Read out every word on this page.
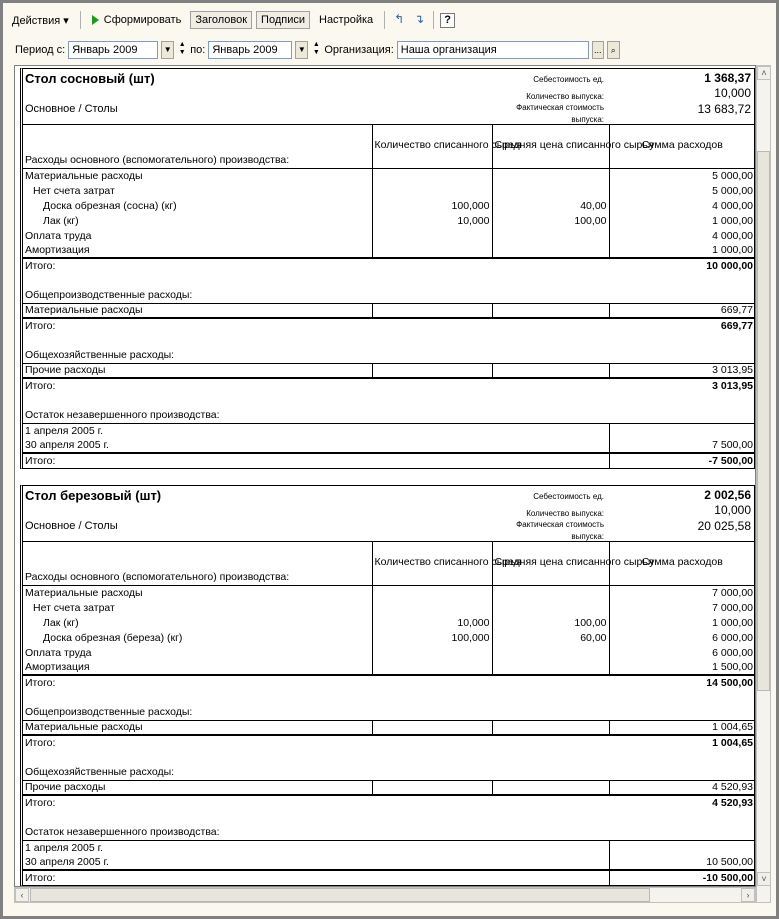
Действия ▾	Сформировать	Заголовок	Подписи	Настройка	↰ ↴	?
Период с: Январь 2009	▼
▲
▼ по: Январь 2009	▼
▲
▼ Организация: Наша организация	...	⌕
Стол сосновый (шт)
Основное / Столы
Себестоимость ед.	1 368,37
Количество выпуска:	10,000
Фактическая стоимость выпуска:
13 683,72
Расходы основного (вспомогательного) производства:	Количество списанного сырья	Средняя цена списанного сырья	Сумма расходов
Материальные расходы			5 000,00
Нет счета затрат			5 000,00
Доска обрезная (сосна) (кг)	100,000	40,00	4 000,00
Лак (кг)	10,000	100,00	1 000,00
Оплата труда			4 000,00
Амортизация			1 000,00
Итого:			10 000,00

Общепроизводственные расходы:			
Материальные расходы			669,77
Итого:			669,77

Общехозяйственные расходы:			
Прочие расходы			3 013,95
Итого:			3 013,95

Остаток незавершенного производства:			
1 апреля 2005 г.			
30 апреля 2005 г.			7 500,00
Итого:			-7 500,00
Стол березовый (шт)
Основное / Столы
Себестоимость ед.	2 002,56
Количество выпуска:	10,000
Фактическая стоимость выпуска:
20 025,58
Расходы основного (вспомогательного) производства:	Количество списанного сырья	Средняя цена списанного сырья	Сумма расходов
Материальные расходы			7 000,00
Нет счета затрат			7 000,00
Лак (кг)	10,000	100,00	1 000,00
Доска обрезная (береза) (кг)	100,000	60,00	6 000,00
Оплата труда			6 000,00
Амортизация			1 500,00
Итого:			14 500,00

Общепроизводственные расходы:			
Материальные расходы			1 004,65
Итого:			1 004,65

Общехозяйственные расходы:			
Прочие расходы			4 520,93
Итого:			4 520,93

Остаток незавершенного производства:			
1 апреля 2005 г.			
30 апреля 2005 г.			10 500,00
Итого:			-10 500,00
˄
˅
‹	›
